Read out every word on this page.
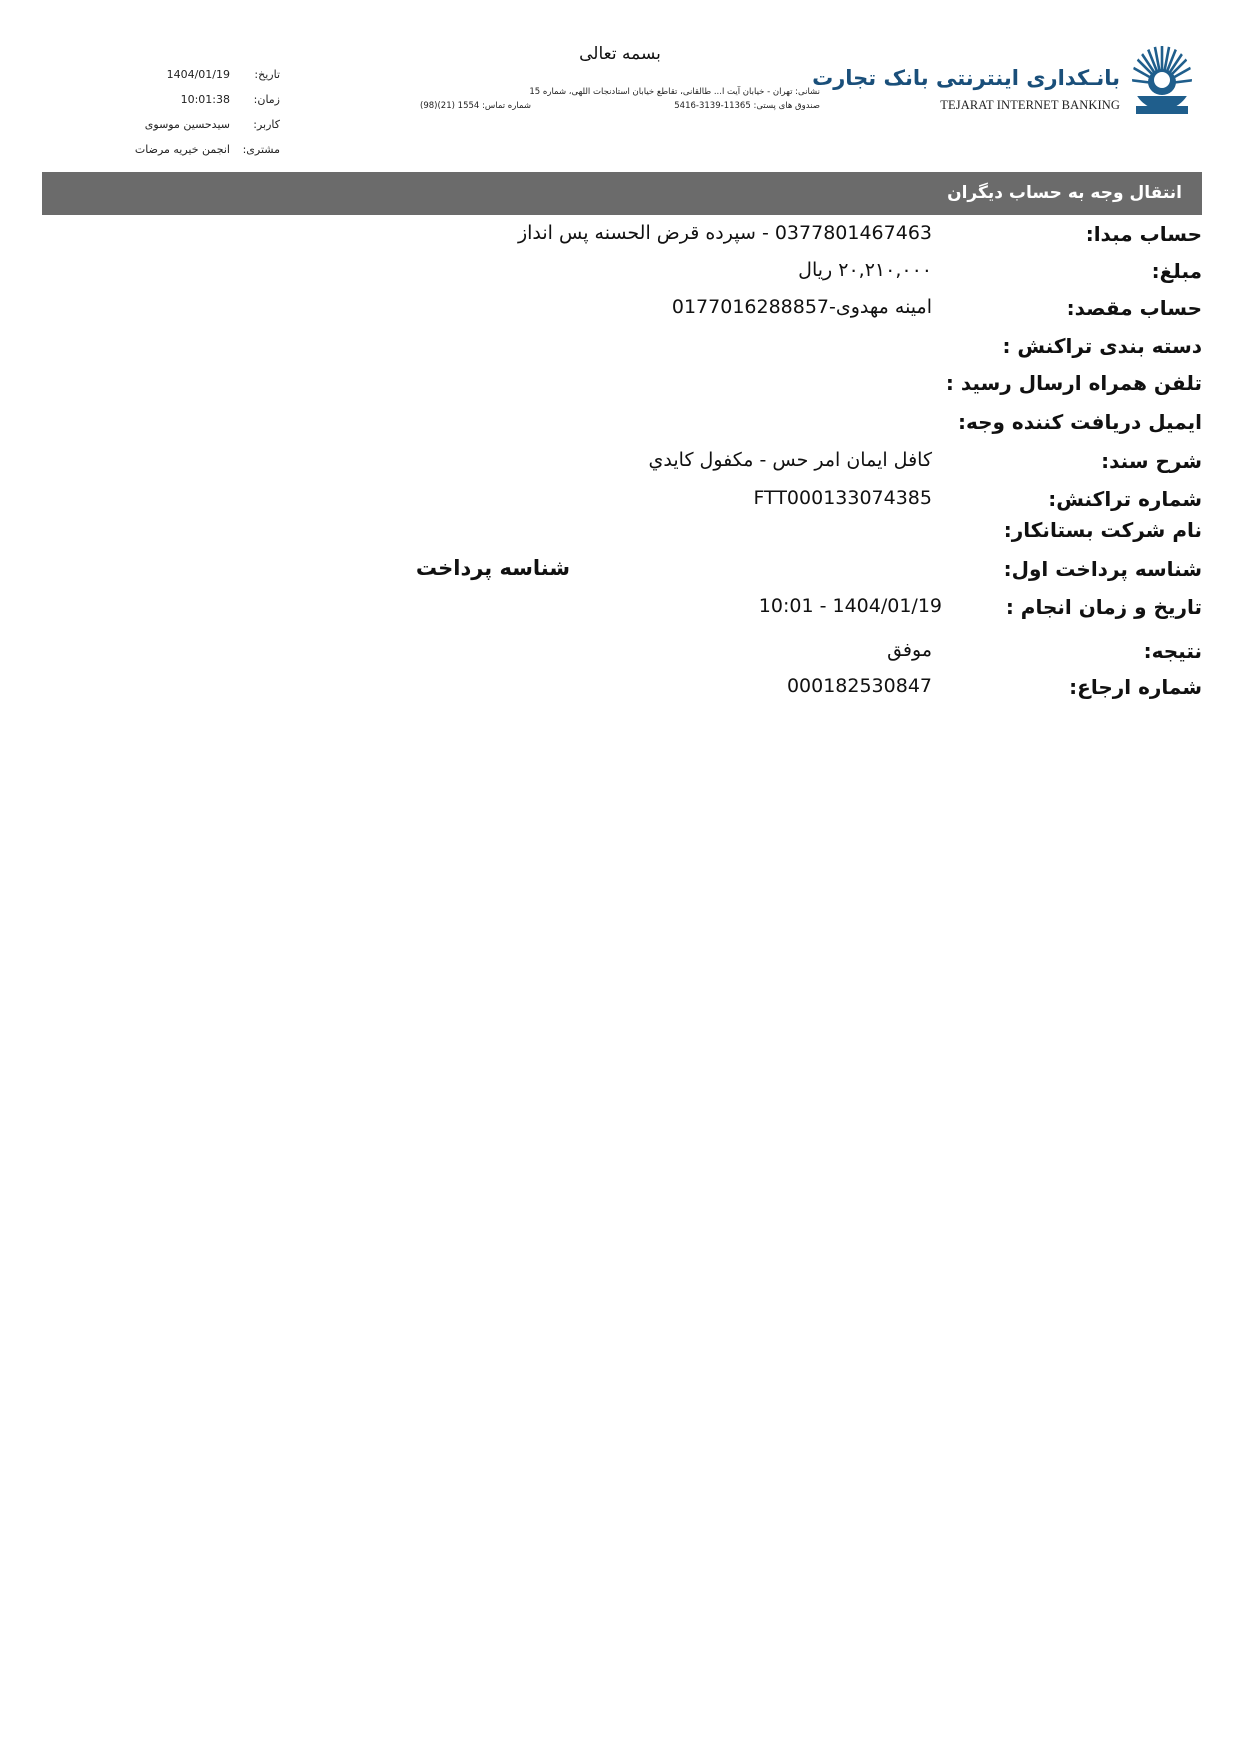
بانـکداری اینترنتی بانک تجارت
TEJARAT INTERNET BANKING
بسمه تعالی
نشانی: تهران - خیابان آیت ا... طالقانی، تقاطع خیابان استادنجات اللهی، شماره 15
صندوق های پستی: 11365-3139-5416
شماره تماس: 1554 (21)(98)
تاریخ:
1404/01/19
زمان:
10:01:38
کاربر:
سیدحسین موسوی
مشتری:
انجمن خیریه مرضات
انتقال وجه به حساب دیگران
حساب مبدا:
0377801467463 - سپرده قرض الحسنه پس انداز
مبلغ:
۲۰,۲۱۰,۰۰۰ ریال
حساب مقصد:
امینه مهدوی-0177016288857
دسته بندی تراکنش :
تلفن همراه ارسال رسید :
ایمیل دریافت کننده وجه:
شرح سند:
کافل ایمان امر حس - مکفول کايدي
شماره تراکنش:
FTT000133074385
نام شرکت بستانکار:
شناسه پرداخت اول:
شناسه پرداخت
تاریخ و زمان انجام :
1404/01/19 - 10:01
نتیجه:
موفق
شماره ارجاع:
000182530847
